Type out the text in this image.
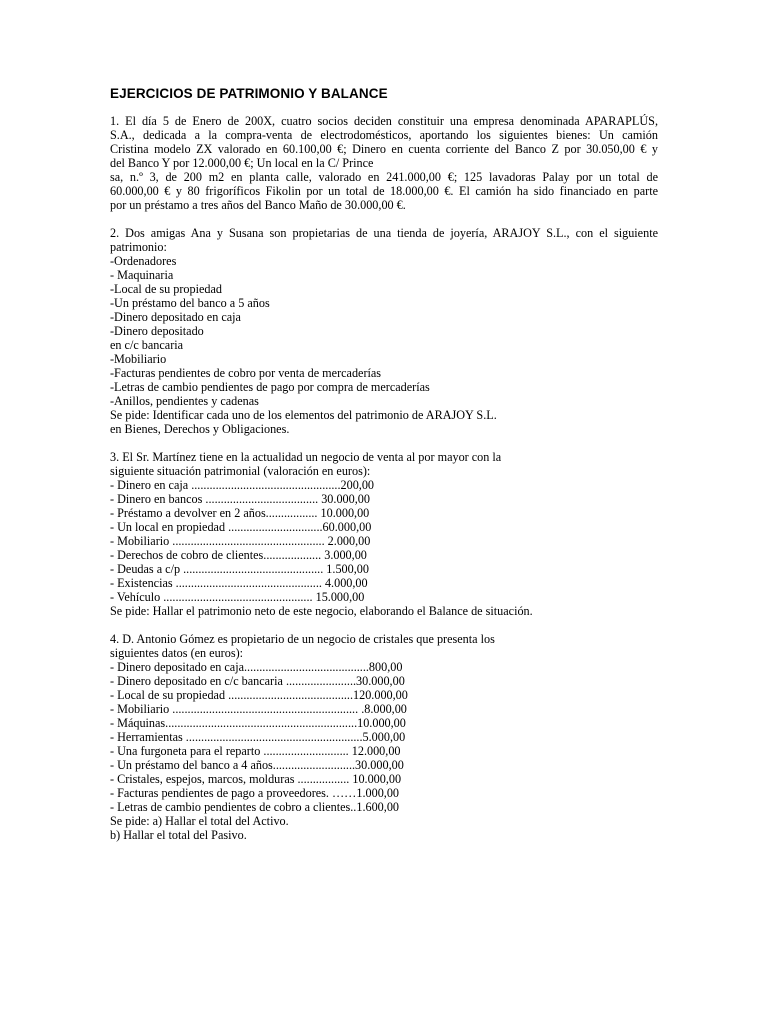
EJERCICIOS DE PATRIMONIO Y BALANCE
1. El día 5 de Enero de 200X, cuatro socios deciden constituir una empresa denominada APARAPLÚS,
S.A., dedicada a la compra-venta de electrodomésticos, aportando los siguientes bienes: Un camión
Cristina modelo ZX valorado en 60.100,00 €; Dinero en cuenta corriente del Banco Z por 30.050,00 € y
del Banco Y por 12.000,00 €; Un local en la C/ Prince
sa, n.º 3, de 200 m2 en planta calle, valorado en 241.000,00 €; 125 lavadoras Palay por un total de
60.000,00 € y 80 frigoríficos Fikolin por un total de 18.000,00 €. El camión ha sido financiado en parte
por un préstamo a tres años del Banco Maño de 30.000,00 €.
2. Dos amigas Ana y Susana son propietarias de una tienda de joyería, ARAJOY S.L., con el siguiente
patrimonio:
-Ordenadores
- Maquinaria
-Local de su propiedad
-Un préstamo del banco a 5 años
-Dinero depositado en caja
-Dinero depositado
en c/c bancaria
-Mobiliario
-Facturas pendientes de cobro por venta de mercaderías
-Letras de cambio pendientes de pago por compra de mercaderías
-Anillos, pendientes y cadenas
Se pide: Identificar cada uno de los elementos del patrimonio de ARAJOY S.L.
en Bienes, Derechos y Obligaciones.
3. El Sr. Martínez tiene en la actualidad un negocio de venta al por mayor con la
siguiente situación patrimonial (valoración en euros):
- Dinero en caja .................................................200,00
- Dinero en bancos ..................................... 30.000,00
- Préstamo a devolver en 2 años................. 10.000,00
- Un local en propiedad ...............................60.000,00
- Mobiliario .................................................. 2.000,00
- Derechos de cobro de clientes................... 3.000,00
- Deudas a c/p .............................................. 1.500,00
- Existencias ................................................ 4.000,00
- Vehículo ................................................. 15.000,00
Se pide: Hallar el patrimonio neto de este negocio, elaborando el Balance de situación.
4. D. Antonio Gómez es propietario de un negocio de cristales que presenta los
siguientes datos (en euros):
- Dinero depositado en caja.........................................800,00
- Dinero depositado en c/c bancaria .......................30.000,00
- Local de su propiedad .........................................120.000,00
- Mobiliario ............................................................. .8.000,00
- Máquinas...............................................................10.000,00
- Herramientas ..........................................................5.000,00
- Una furgoneta para el reparto ............................ 12.000,00
- Un préstamo del banco a 4 años...........................30.000,00
- Cristales, espejos, marcos, molduras ................. 10.000,00
- Facturas pendientes de pago a proveedores. ……1.000,00
- Letras de cambio pendientes de cobro a clientes..1.600,00
Se pide: a) Hallar el total del Activo.
b) Hallar el total del Pasivo.
